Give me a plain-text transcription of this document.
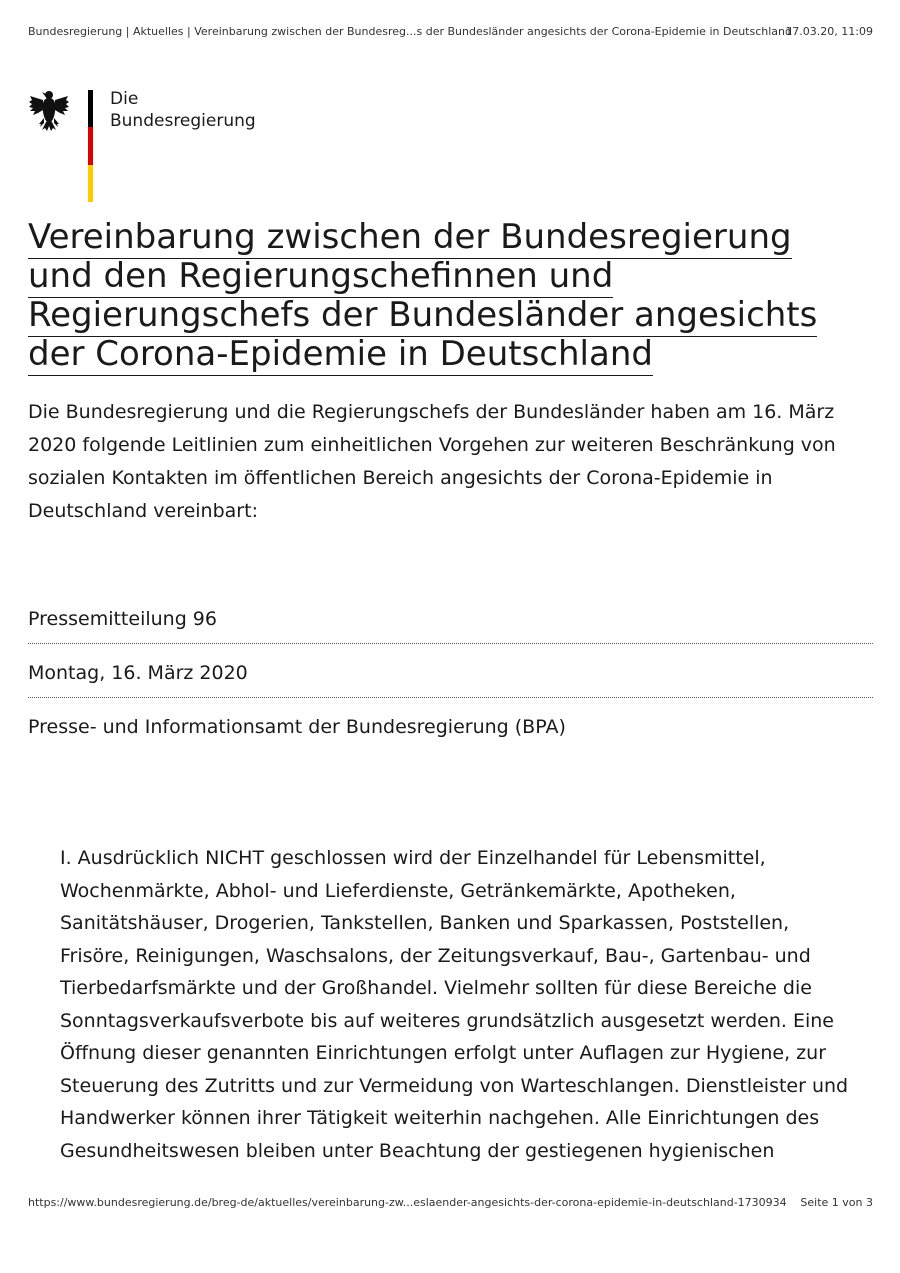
Bundesregierung | Aktuelles | Vereinbarung zwischen der Bundesreg...s der Bundesländer angesichts der Corona-Epidemie in Deutschland
17.03.20, 11:09
Die
Bundesregierung
Vereinbarung zwischen der Bundesregierung und den Regierungschefinnen und Regierungschefs der Bundesländer angesichts der Corona-Epidemie in Deutschland

Die Bundesregierung und die Regierungschefs der Bundesländer haben am 16. März 2020 folgende Leitlinien zum einheitlichen Vorgehen zur weiteren Beschränkung von sozialen Kontakten im öffentlichen Bereich angesichts der Corona-Epidemie in Deutschland vereinbart:

Pressemitteilung 96
Montag, 16. März 2020
Presse- und Informationsamt der Bundesregierung (BPA)

I. Ausdrücklich NICHT geschlossen wird der Einzelhandel für Lebensmittel, Wochenmärkte, Abhol- und Lieferdienste, Getränkemärkte, Apotheken, Sanitätshäuser, Drogerien, Tankstellen, Banken und Sparkassen, Poststellen, Frisöre, Reinigungen, Waschsalons, der Zeitungsverkauf, Bau-, Gartenbau- und Tierbedarfsmärkte und der Großhandel. Vielmehr sollten für diese Bereiche die Sonntagsverkaufsverbote bis auf weiteres grundsätzlich ausgesetzt werden. Eine Öffnung dieser genannten Einrichtungen erfolgt unter Auflagen zur Hygiene, zur Steuerung des Zutritts und zur Vermeidung von Warteschlangen. Dienstleister und Handwerker können ihrer Tätigkeit weiterhin nachgehen. Alle Einrichtungen des Gesundheitswesen bleiben unter Beachtung der gestiegenen hygienischen

https://www.bundesregierung.de/breg-de/aktuelles/vereinbarung-zw...eslaender-angesichts-der-corona-epidemie-in-deutschland-1730934 Seite 1 von 3
